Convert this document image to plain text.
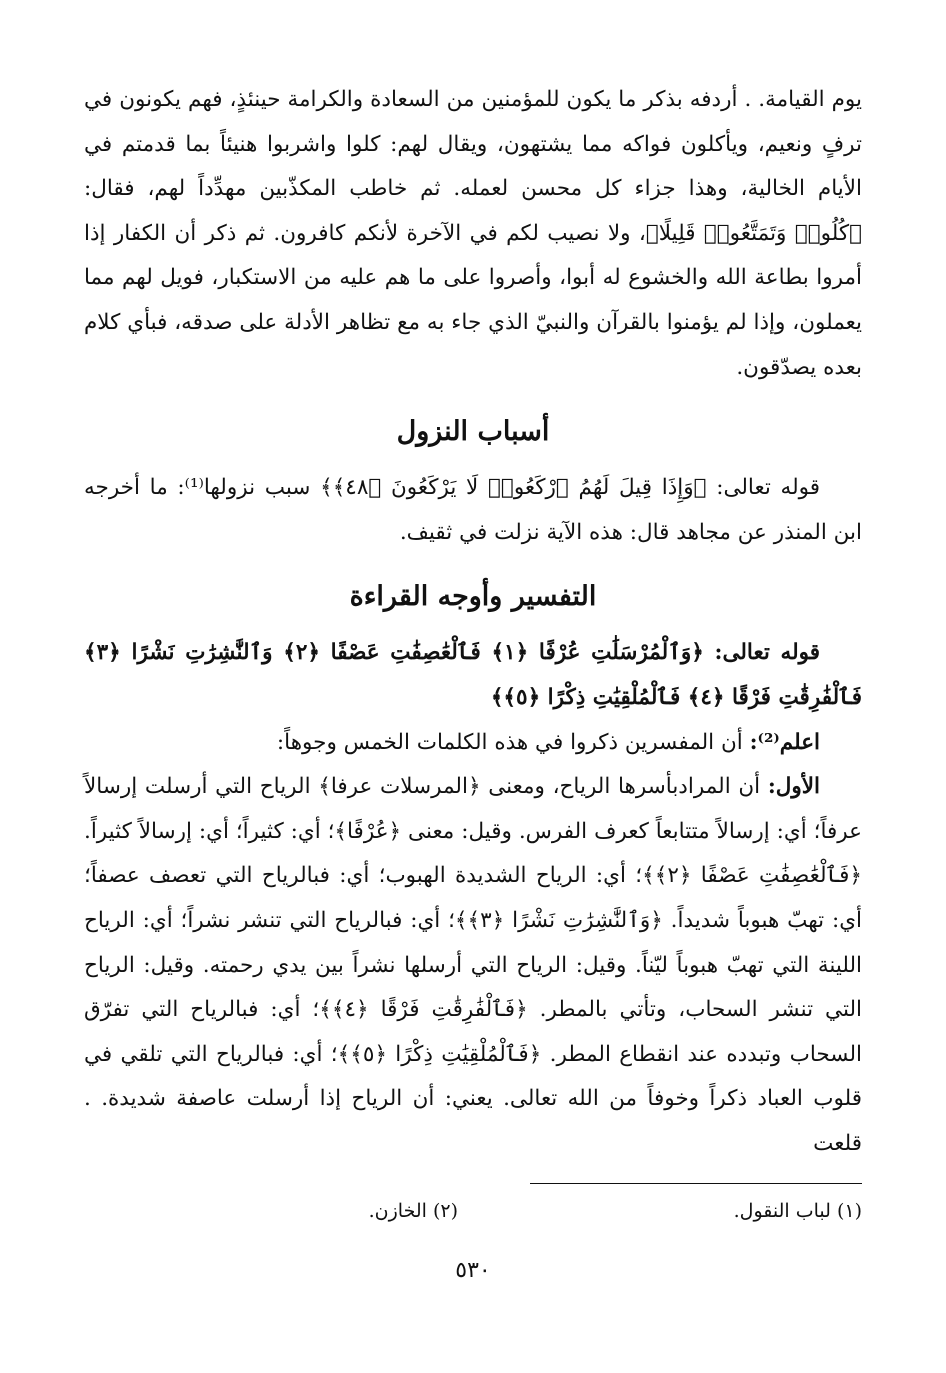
يوم القيامة. . أردفه بذكر ما يكون للمؤمنين من السعادة والكرامة حينئذٍ، فهم يكونون في ترفٍ ونعيم، ويأكلون فواكه مما يشتهون، ويقال لهم: كلوا واشربوا هنيئاً بما قدمتم في الأيام الخالية، وهذا جزاء كل محسن لعمله. ثم خاطب المكذّبين مهدِّداً لهم، فقال: ﴿كُلُوا۟ وَتَمَتَّعُوا۟ قَلِيلًا﴾، ولا نصيب لكم في الآخرة لأنكم كافرون. ثم ذكر أن الكفار إذا أمروا بطاعة الله والخشوع له أبوا، وأصروا على ما هم عليه من الاستكبار، فويل لهم مما يعملون، وإذا لم يؤمنوا بالقرآن والنبيّ الذي جاء به مع تظاهر الأدلة على صدقه، فبأي كلام بعده يصدّقون.

أسباب النزول

قوله تعالى: ﴿وَإِذَا قِيلَ لَهُمُ ٱرْكَعُوا۟ لَا يَرْكَعُونَ ﴿٤٨﴾﴾ سبب نزولها⁽¹⁾: ما أخرجه ابن المنذر عن مجاهد قال: هذه الآية نزلت في ثقيف.

التفسير وأوجه القراءة

قوله تعالى: ﴿وَٱلْمُرْسَلَٰتِ عُرْفًا ﴿١﴾ فَٱلْعَٰصِفَٰتِ عَصْفًا ﴿٢﴾ وَٱلنَّٰشِرَٰتِ نَشْرًا ﴿٣﴾ فَٱلْفَٰرِقَٰتِ فَرْقًا ﴿٤﴾ فَٱلْمُلْقِيَٰتِ ذِكْرًا ﴿٥﴾﴾

اعلم⁽²⁾: أن المفسرين ذكروا في هذه الكلمات الخمس وجوهاً:

الأول: أن المرادبأسرها الرياح، ومعنى ﴿المرسلات عرفا﴾ الرياح التي أرسلت إرسالاً عرفاً؛ أي: إرسالاً متتابعاً كعرف الفرس. وقيل: معنى ﴿عُرْفًا﴾؛ أي: كثيراً؛ أي: إرسالاً كثيراً. ﴿فَٱلْعَٰصِفَٰتِ عَصْفًا ﴿٢﴾﴾؛ أي: الرياح الشديدة الهبوب؛ أي: فبالرياح التي تعصف عصفاً؛ أي: تهبّ هبوباً شديداً. ﴿وَٱلنَّٰشِرَٰتِ نَشْرًا ﴿٣﴾﴾؛ أي: فبالرياح التي تنشر نشراً؛ أي: الرياح اللينة التي تهبّ هبوباً ليّناً. وقيل: الرياح التي أرسلها نشراً بين يدي رحمته. وقيل: الرياح التي تنشر السحاب، وتأتي بالمطر. ﴿فَٱلْفَٰرِقَٰتِ فَرْقًا ﴿٤﴾﴾؛ أي: فبالرياح التي تفرّق السحاب وتبدده عند انقطاع المطر. ﴿فَٱلْمُلْقِيَٰتِ ذِكْرًا ﴿٥﴾﴾؛ أي: فبالرياح التي تلقي في قلوب العباد ذكراً وخوفاً من الله تعالى. يعني: أن الرياح إذا أرسلت عاصفة شديدة. . قلعت

(١) لباب النقول.
(٢) الخازن.
٥٣٠
